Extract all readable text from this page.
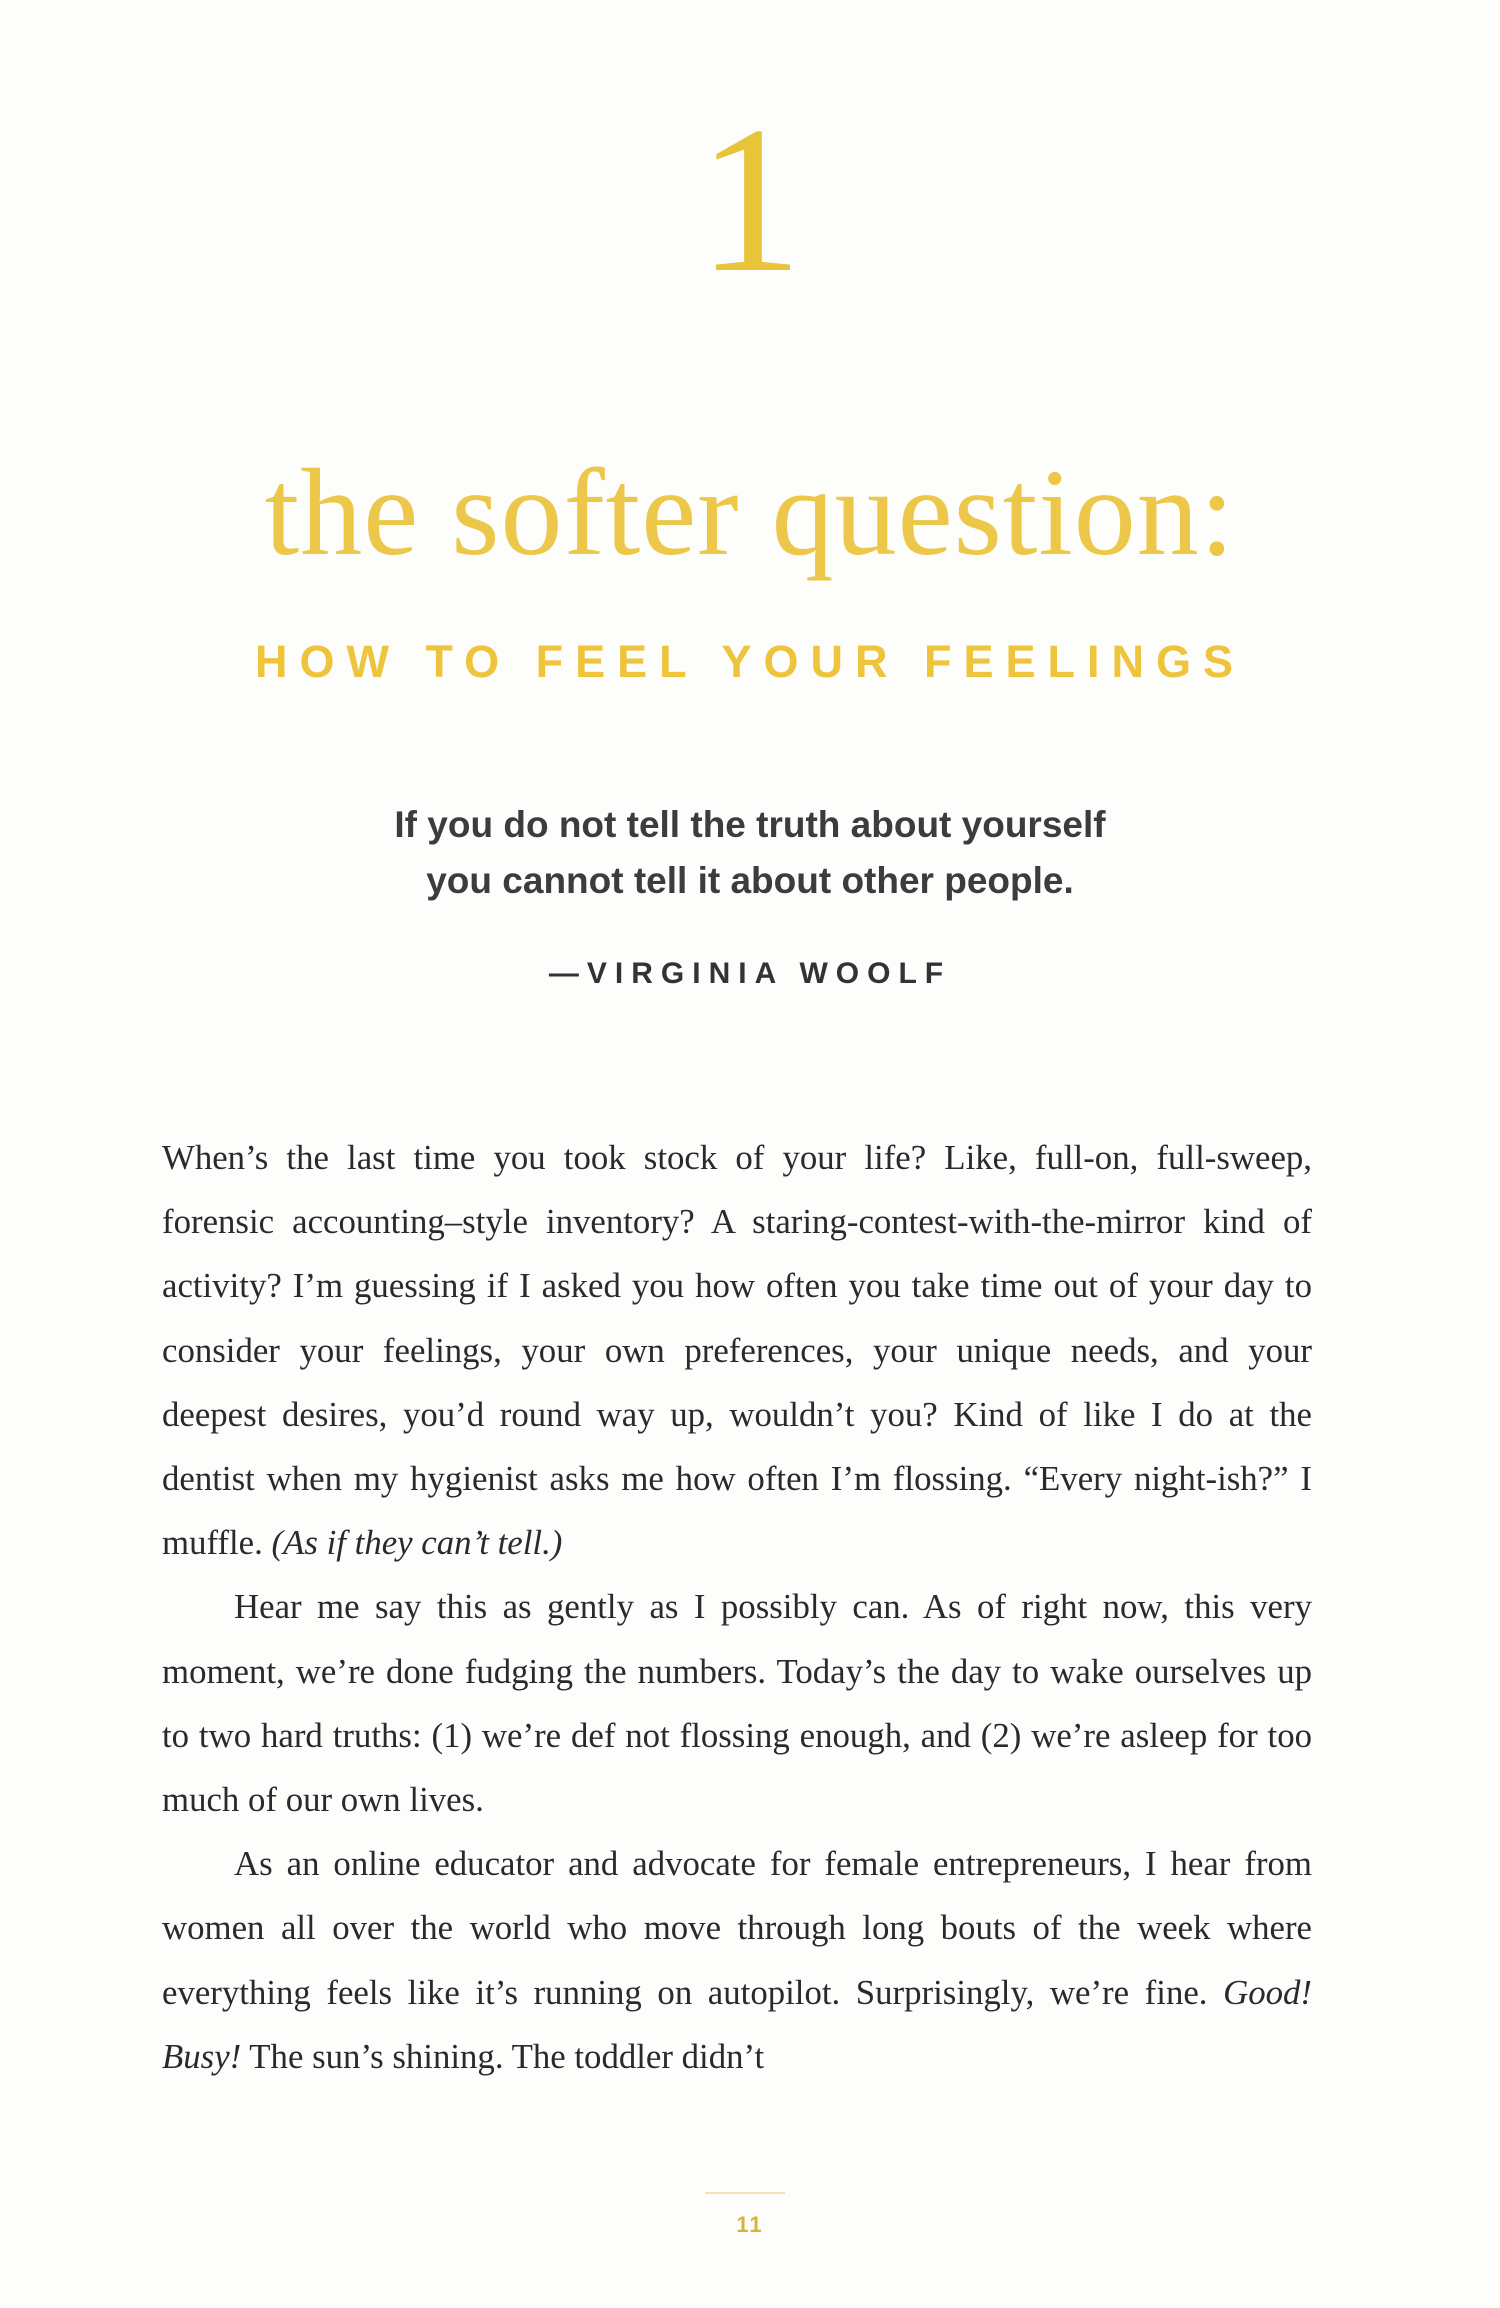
1
the softer question:
HOW TO FEEL YOUR FEELINGS
If you do not tell the truth about yourself
you cannot tell it about other people.
—VIRGINIA WOOLF

When’s the last time you took stock of your life? Like, full-on, full-sweep, forensic accounting–style inventory? A staring-contest-with-the-mirror kind of activity? I’m guessing if I asked you how often you take time out of your day to consider your feelings, your own preferences, your unique needs, and your deepest desires, you’d round way up, wouldn’t you? Kind of like I do at the dentist when my hygienist asks me how often I’m flossing. “Every night-ish?” I muffle. (As if they can’t tell.)

Hear me say this as gently as I possibly can. As of right now, this very moment, we’re done fudging the numbers. Today’s the day to wake ourselves up to two hard truths: (1) we’re def not flossing enough, and (2) we’re asleep for too much of our own lives.

As an online educator and advocate for female entrepreneurs, I hear from women all over the world who move through long bouts of the week where everything feels like it’s running on autopilot. Surprisingly, we’re fine. Good! Busy! The sun’s shining. The toddler didn’t

11
